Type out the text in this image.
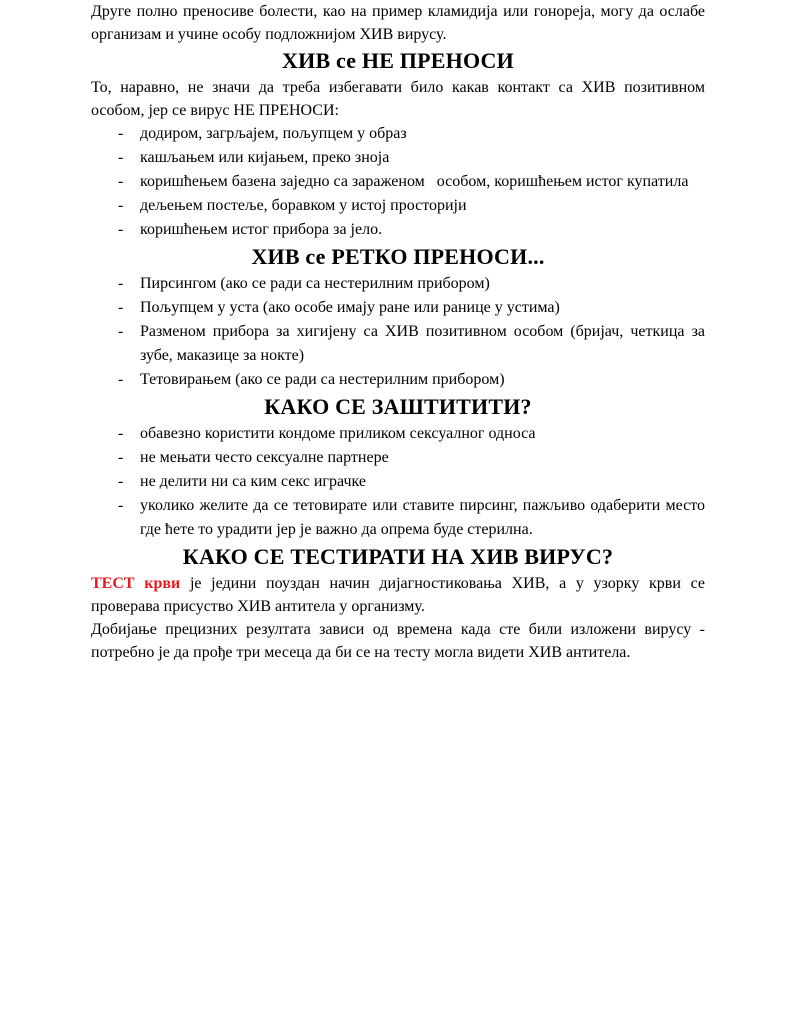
Друге полно преносиве болести, као на пример кламидија или гонореја, могу да ослабе организам и учине особу подложнијом ХИВ вирусу.

ХИВ се НЕ ПРЕНОСИ

То, наравно, не значи да треба избегавати било какав контакт са ХИВ позитивном особом, јер се вирус НЕ ПРЕНОСИ:

- додиром, загрљајем, пољупцем у образ
- кашљањем или кијањем, преко зноја
- коришћењем базена заједно са зараженом   особом, коришћењем истог купатила
- дељењем постеље, боравком у истој просторији
- коришћењем истог прибора за јело.
ХИВ се РЕТКО ПРЕНОСИ...
- Пирсингом (ако се ради са нестерилним прибором)
- Пољупцем у уста (ако особе имају ране или ранице у устима)
- Разменом прибора за хигијену са ХИВ позитивном особом (бријач, четкица за зубе, маказице за нокте)
- Тетовирањем (ако се ради са нестерилним прибором)
КАКО СЕ ЗАШТИТИТИ?
- обавезно користити кондоме приликом сексуалног односа
- не мењати често сексуалне партнере
- не делити ни са ким секс играчке
- уколико желите да се тетовирате или ставите пирсинг, пажљиво одаберити место где ћете то урадити јер је важно да опрема буде стерилна.
КАКО СЕ ТЕСТИРАТИ НА ХИВ ВИРУС?

ТЕСТ крви је једини поуздан начин дијагностиковања ХИВ, а у узорку крви се проверава присуство ХИВ антитела у организму.

Добијање прецизних резултата зависи од времена када сте били изложени вирусу - потребно је да прође три месеца да би се на тесту могла видети ХИВ антитела.
